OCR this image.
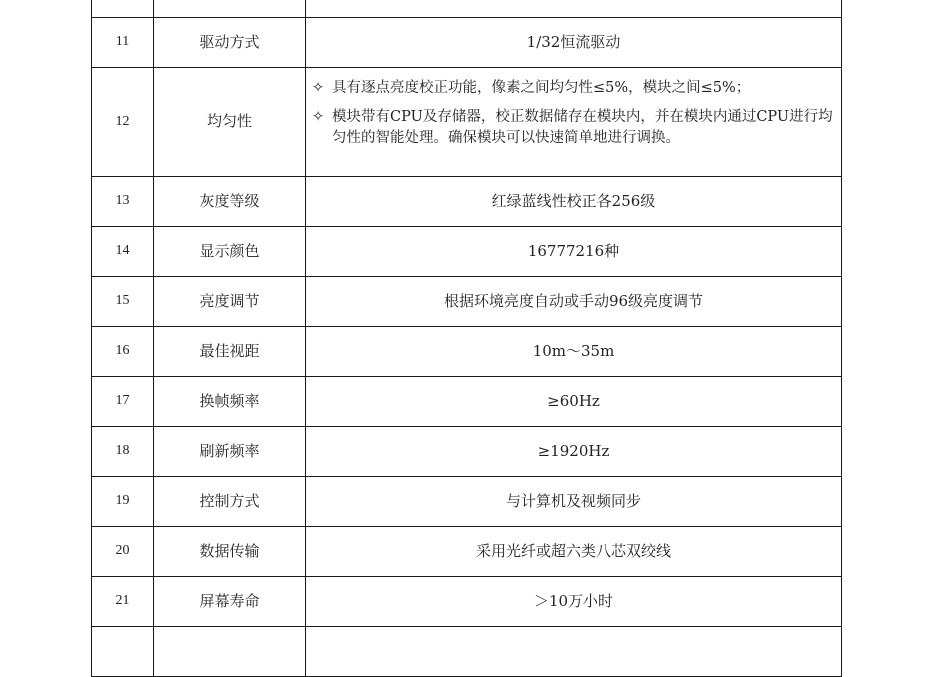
11	驱动方式	1/32恒流驱动
12	均匀性
✧ 具有逐点亮度校正功能，像素之间均匀性≤5%，模块之间≤5%；
✧ 模块带有CPU及存储器，校正数据储存在模块内，并在模块内通过CPU进行均匀性的智能处理。确保模块可以快速简单地进行调换。
13	灰度等级	红绿蓝线性校正各256级
14	显示颜色	16777216种
15	亮度调节	根据环境亮度自动或手动96级亮度调节
16	最佳视距	10m～35m
17	换帧频率	≥60Hz
18	刷新频率	≥1920Hz
19	控制方式	与计算机及视频同步
20	数据传输	采用光纤或超六类八芯双绞线
21	屏幕寿命	＞10万小时
